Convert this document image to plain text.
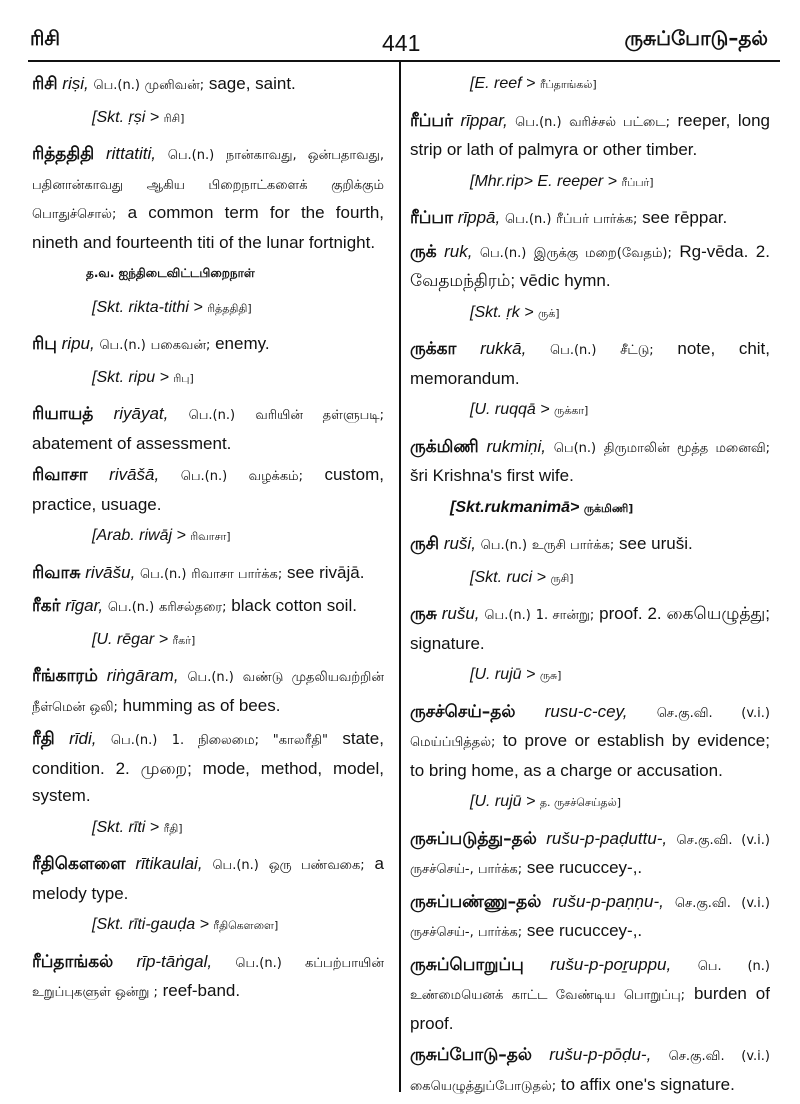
ரிசி	441	ருசுப்போடு–தல்
ரிசி riṣi, பெ.(n.) முனிவன்; sage, saint.
[Skt. ṛṣi > ரிசி]
ரித்ததிதி rittatiti, பெ.(n.) நான்காவது, ஒன்பதாவது, பதினான்காவது ஆகிய பிறைநாட்களைக் குறிக்கும் பொதுச்சொல்; a common term for the fourth, nineth and fourteenth titi of the lunar fortnight.
த.வ. ஐந்திடைவிட்டபிறைநாள்
[Skt. rikta-tithi > ரித்ததிதி]
ரிபு ripu, பெ.(n.) பகைவன்; enemy.
[Skt. ripu > ரிபு]
ரியாயத் riyāyat, பெ.(n.) வரியின் தள்ளுபடி; abatement of assessment.
ரிவாசா rivāšā, பெ.(n.) வழக்கம்; custom, practice, usuage.
[Arab. riwāj > ரிவாசா]
ரிவாசு rivāšu, பெ.(n.) ரிவாசா பார்க்க; see rivājā.
ரீகர் rīgar, பெ.(n.) கரிசல்தரை; black cotton soil.
[U. rēgar > ரீகர்]
ரீங்காரம் riṅgāram, பெ.(n.) வண்டு முதலியவற்றின் நீள்மென் ஒலி; humming as of bees.
ரீதி rīdi, பெ.(n.) 1. நிலைமை; "காலரீதி" state, condition. 2. முறை; mode, method, model, system.
[Skt. rīti > ரீதி]
ரீதிகௌளை rītikaulai, பெ.(n.) ஒரு பண்வகை; a melody type.
[Skt. rīti-gauḍa > ரீதிகௌளை]
ரீப்தாங்கல் rīp-tāṅgal, பெ.(n.) கப்பற்பாயின் உறுப்புகளுள் ஒன்று ; reef-band.
[E. reef > ரீப்தாங்கல்]
ரீப்பர் rīppar, பெ.(n.) வரிச்சல் பட்டை; reeper, long strip or lath of palmyra or other timber.
[Mhr.rip> E. reeper > ரீப்பர்]
ரீப்பா rīppā, பெ.(n.) ரீப்பர் பார்க்க; see rēppar.
ருக் ruk, பெ.(n.) இருக்கு மறை(வேதம்); Rg-vēda. 2. வேதமந்திரம்; vēdic hymn.
[Skt. ṛk > ருக்]
ருக்கா rukkā, பெ.(n.) சீட்டு; note, chit, memorandum.
[U. ruqqā > ருக்கா]
ருக்மிணி rukmiṇi, பெ(n.) திருமாலின் மூத்த மனைவி; šri Krishna's first wife.
[Skt.rukmanimā> ருக்மிணி]
ருசி ruši, பெ.(n.) உருசி பார்க்க; see uruši.
[Skt. ruci > ருசி]
ருசு rušu, பெ.(n.) 1. சான்று; proof. 2. கையெழுத்து; signature.
[U. rujū > ருசு]
ருசச்செய்–தல் rusu-c-cey, செ.கு.வி. (v.i.) மெய்ப்பித்தல்; to prove or establish by evidence; to bring home, as a charge or accusation.
[U. rujū > த. ருசச்செய்தல்]
ருசுப்படுத்து–தல் rušu-p-paḍuttu-, செ.கு.வி. (v.i.) ருசச்செய்-, பார்க்க; see rucuccey-,.
ருசுப்பண்ணு–தல் rušu-p-paṇṇu-, செ.கு.வி. (v.i.) ருசச்செய்-, பார்க்க; see rucuccey-,.
ருசுப்பொறுப்பு rušu-p-poṟuppu, பெ. (n.) உண்மையெனக் காட்ட வேண்டிய பொறுப்பு; burden of proof.
ருசுப்போடு–தல் rušu-p-pōḍu-, செ.கு.வி. (v.i.) கையெழுத்துப்போடுதல்; to affix one's signature.
